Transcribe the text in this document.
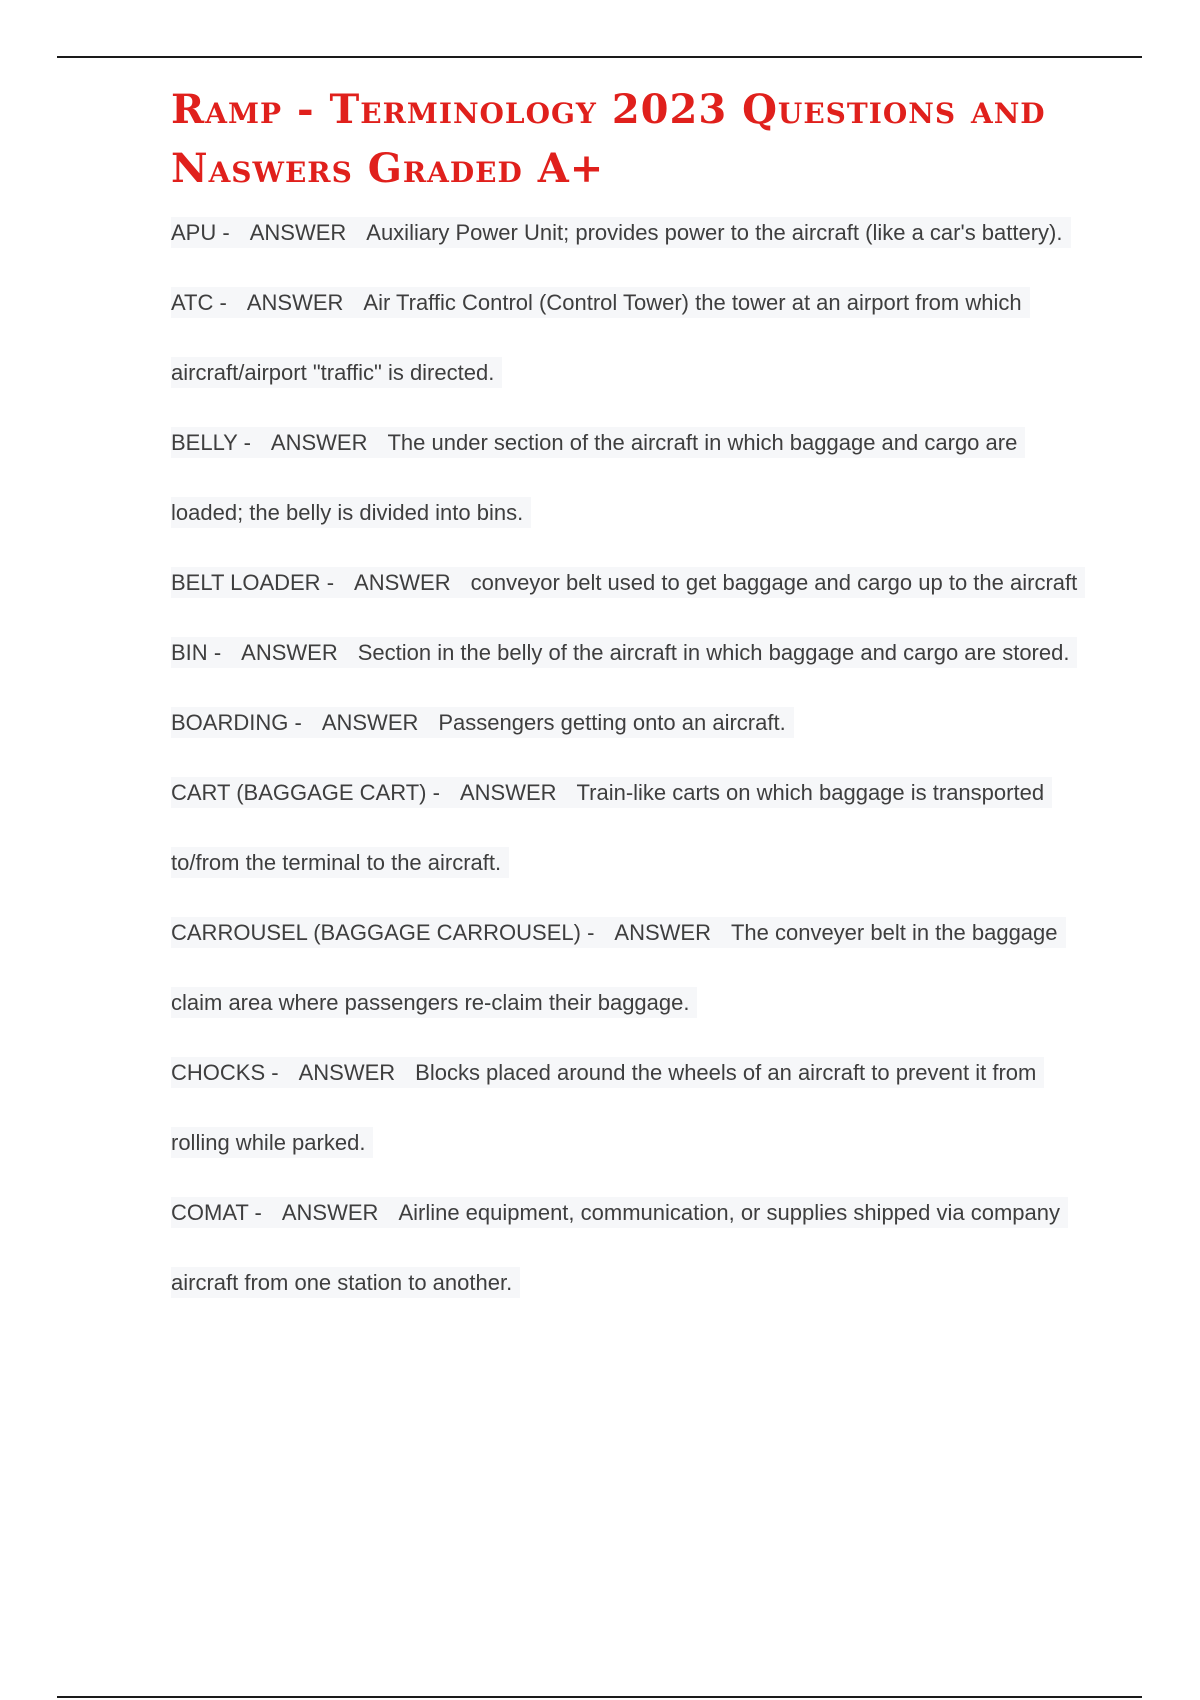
Ramp - Terminology 2023 Questions and Naswers Graded A+
APU - ANSWER Auxiliary Power Unit; provides power to the aircraft (like a car's battery).
ATC - ANSWER Air Traffic Control (Control Tower) the tower at an airport from which aircraft/airport "traffic" is directed.
BELLY - ANSWER The under section of the aircraft in which baggage and cargo are loaded; the belly is divided into bins.
BELT LOADER - ANSWER conveyor belt used to get baggage and cargo up to the aircraft
BIN - ANSWER Section in the belly of the aircraft in which baggage and cargo are stored.
BOARDING - ANSWER Passengers getting onto an aircraft.
CART (BAGGAGE CART) - ANSWER Train-like carts on which baggage is transported to/from the terminal to the aircraft.
CARROUSEL (BAGGAGE CARROUSEL) - ANSWER The conveyer belt in the baggage claim area where passengers re-claim their baggage.
CHOCKS - ANSWER Blocks placed around the wheels of an aircraft to prevent it from rolling while parked.
COMAT - ANSWER Airline equipment, communication, or supplies shipped via company aircraft from one station to another.
